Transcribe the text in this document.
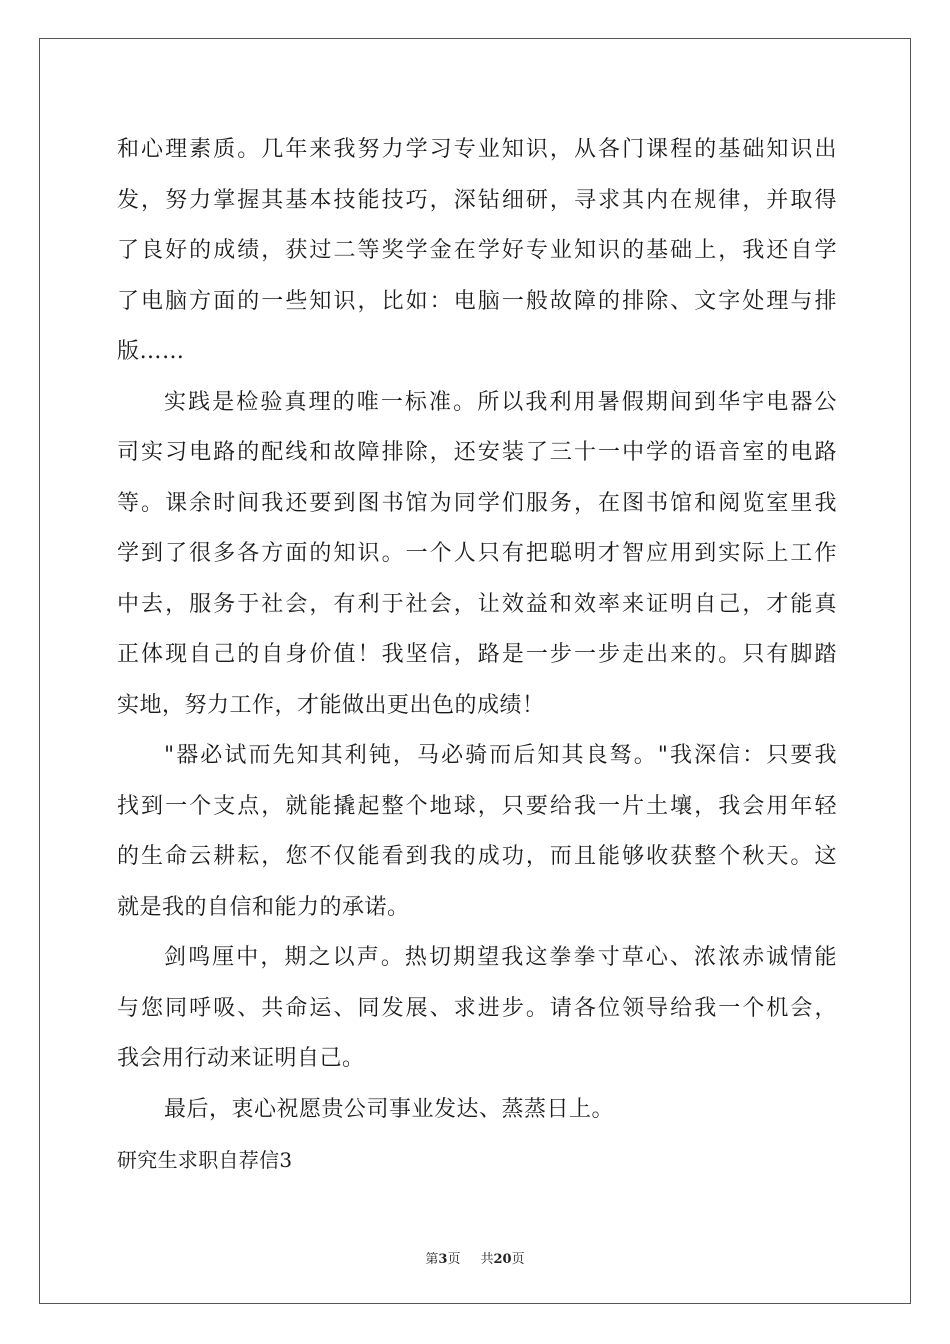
和心理素质。几年来我努力学习专业知识，从各门课程的基础知识出
发，努力掌握其基本技能技巧，深钻细研，寻求其内在规律，并取得
了良好的成绩，获过二等奖学金在学好专业知识的基础上，我还自学
了电脑方面的一些知识，比如：电脑一般故障的排除、文字处理与排
版……
实践是检验真理的唯一标准。所以我利用暑假期间到华宇电器公
司实习电路的配线和故障排除，还安装了三十一中学的语音室的电路
等。课余时间我还要到图书馆为同学们服务，在图书馆和阅览室里我
学到了很多各方面的知识。一个人只有把聪明才智应用到实际上工作
中去，服务于社会，有利于社会，让效益和效率来证明自己，才能真
正体现自己的自身价值！我坚信，路是一步一步走出来的。只有脚踏
实地，努力工作，才能做出更出色的成绩！
"器必试而先知其利钝，马必骑而后知其良驽。"我深信：只要我
找到一个支点，就能撬起整个地球，只要给我一片土壤，我会用年轻
的生命云耕耘，您不仅能看到我的成功，而且能够收获整个秋天。这
就是我的自信和能力的承诺。
剑鸣厘中，期之以声。热切期望我这拳拳寸草心、浓浓赤诚情能
与您同呼吸、共命运、同发展、求进步。请各位领导给我一个机会，
我会用行动来证明自己。
最后，衷心祝愿贵公司事业发达、蒸蒸日上。
研究生求职自荐信3
第3页 共20页
